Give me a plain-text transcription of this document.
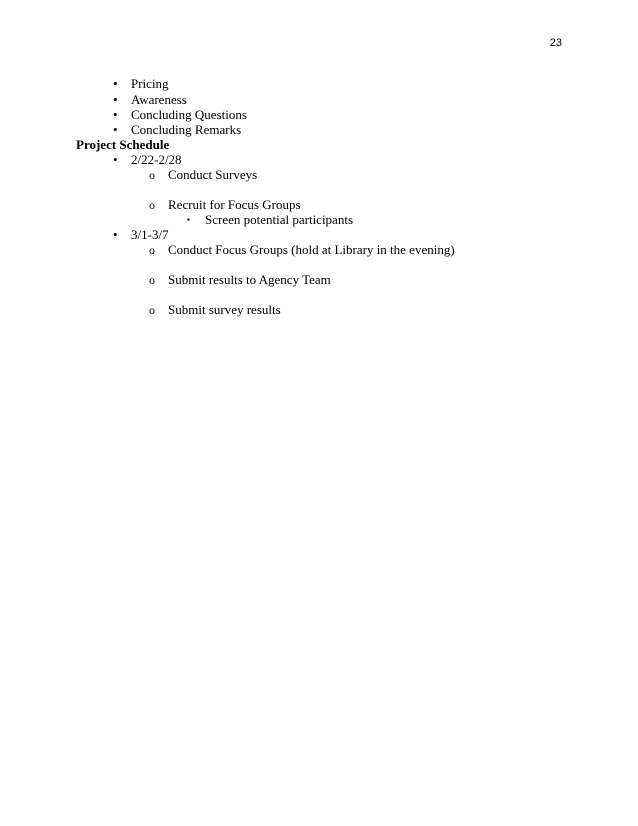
23
• Pricing
• Awareness
• Concluding Questions
• Concluding Remarks
Project Schedule
• 2/22-2/28
o Conduct Surveys
o Recruit for Focus Groups
▪ Screen potential participants
• 3/1-3/7
o Conduct Focus Groups (hold at Library in the evening)
o Submit results to Agency Team
o Submit survey results
